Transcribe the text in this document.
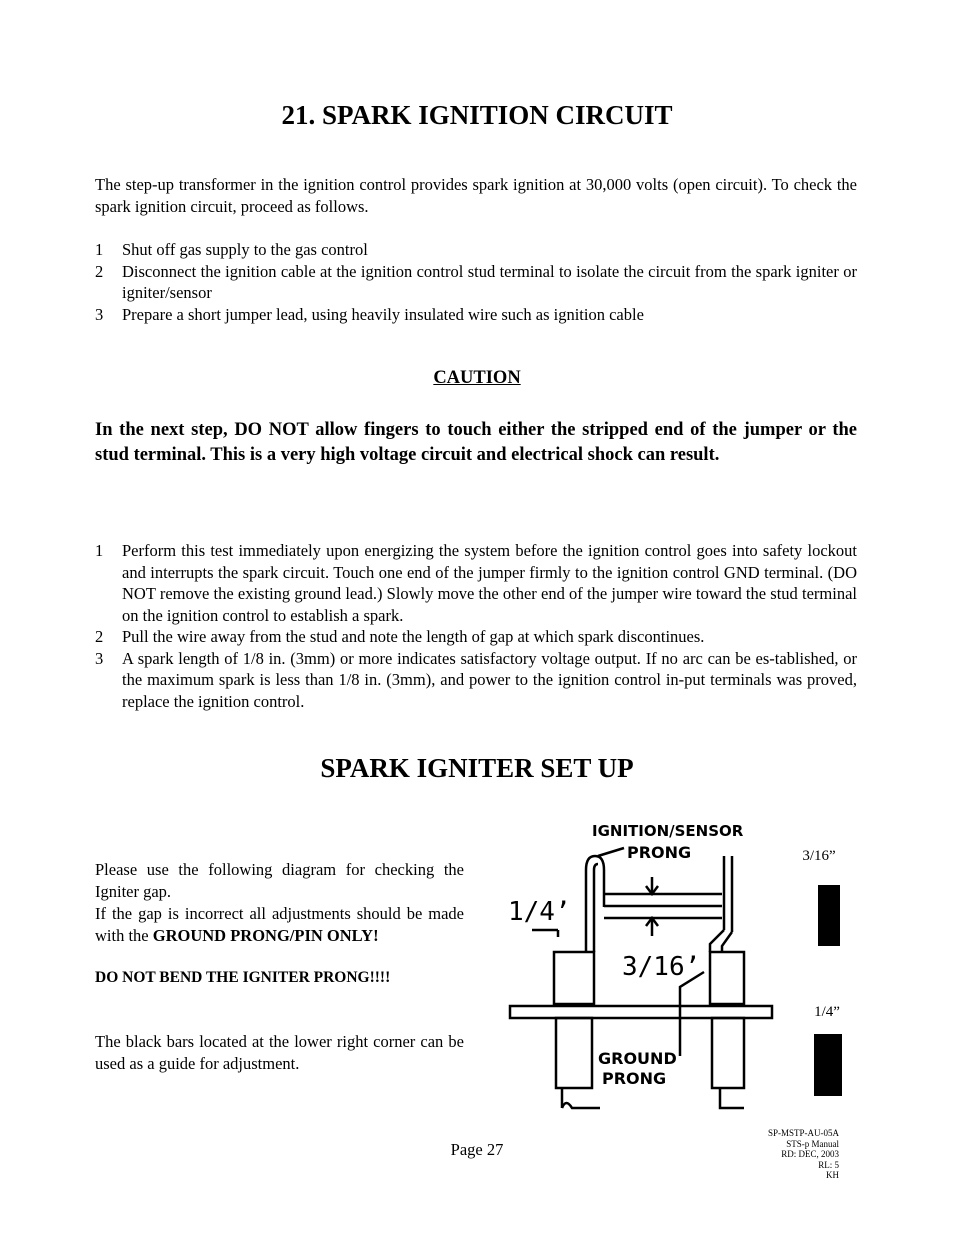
21. SPARK IGNITION CIRCUIT
The step-up transformer in the ignition control provides spark ignition at 30,000 volts (open circuit). To check the spark ignition circuit, proceed as follows.
1 Shut off gas supply to the gas control
2 Disconnect the ignition cable at the ignition control stud terminal to isolate the circuit from the spark igniter or igniter/sensor
3 Prepare a short jumper lead, using heavily insulated wire such as ignition cable
CAUTION
In the next step, DO NOT allow fingers to touch either the stripped end of the jumper or the stud terminal. This is a very high voltage circuit and electrical shock can result.
1 Perform this test immediately upon energizing the system before the ignition control goes into safety lockout and interrupts the spark circuit. Touch one end of the jumper firmly to the ignition control GND terminal. (DO NOT remove the existing ground lead.) Slowly move the other end of the jumper wire toward the stud terminal on the ignition control to establish a spark.
2 Pull the wire away from the stud and note the length of gap at which spark discontinues.
3 A spark length of 1/8 in. (3mm) or more indicates satisfactory voltage output. If no arc can be es-tablished, or the maximum spark is less than 1/8 in. (3mm), and power to the ignition control in-put terminals was proved, replace the ignition control.
SPARK IGNITER SET UP
Please use the following diagram for checking the Igniter gap.
If the gap is incorrect all adjustments should be made with the GROUND PRONG/PIN ONLY!
DO NOT BEND THE IGNITER PRONG!!!!
The black bars located at the lower right corner can be used as a guide for adjustment.
IGNITION/SENSOR
PRONG
1/4’
3/16’
GROUND
PRONG
3/16”
1/4”
Page 27
SP-MSTP-AU-05A
STS-p Manual
RD: DEC, 2003
RL: 5
KH
